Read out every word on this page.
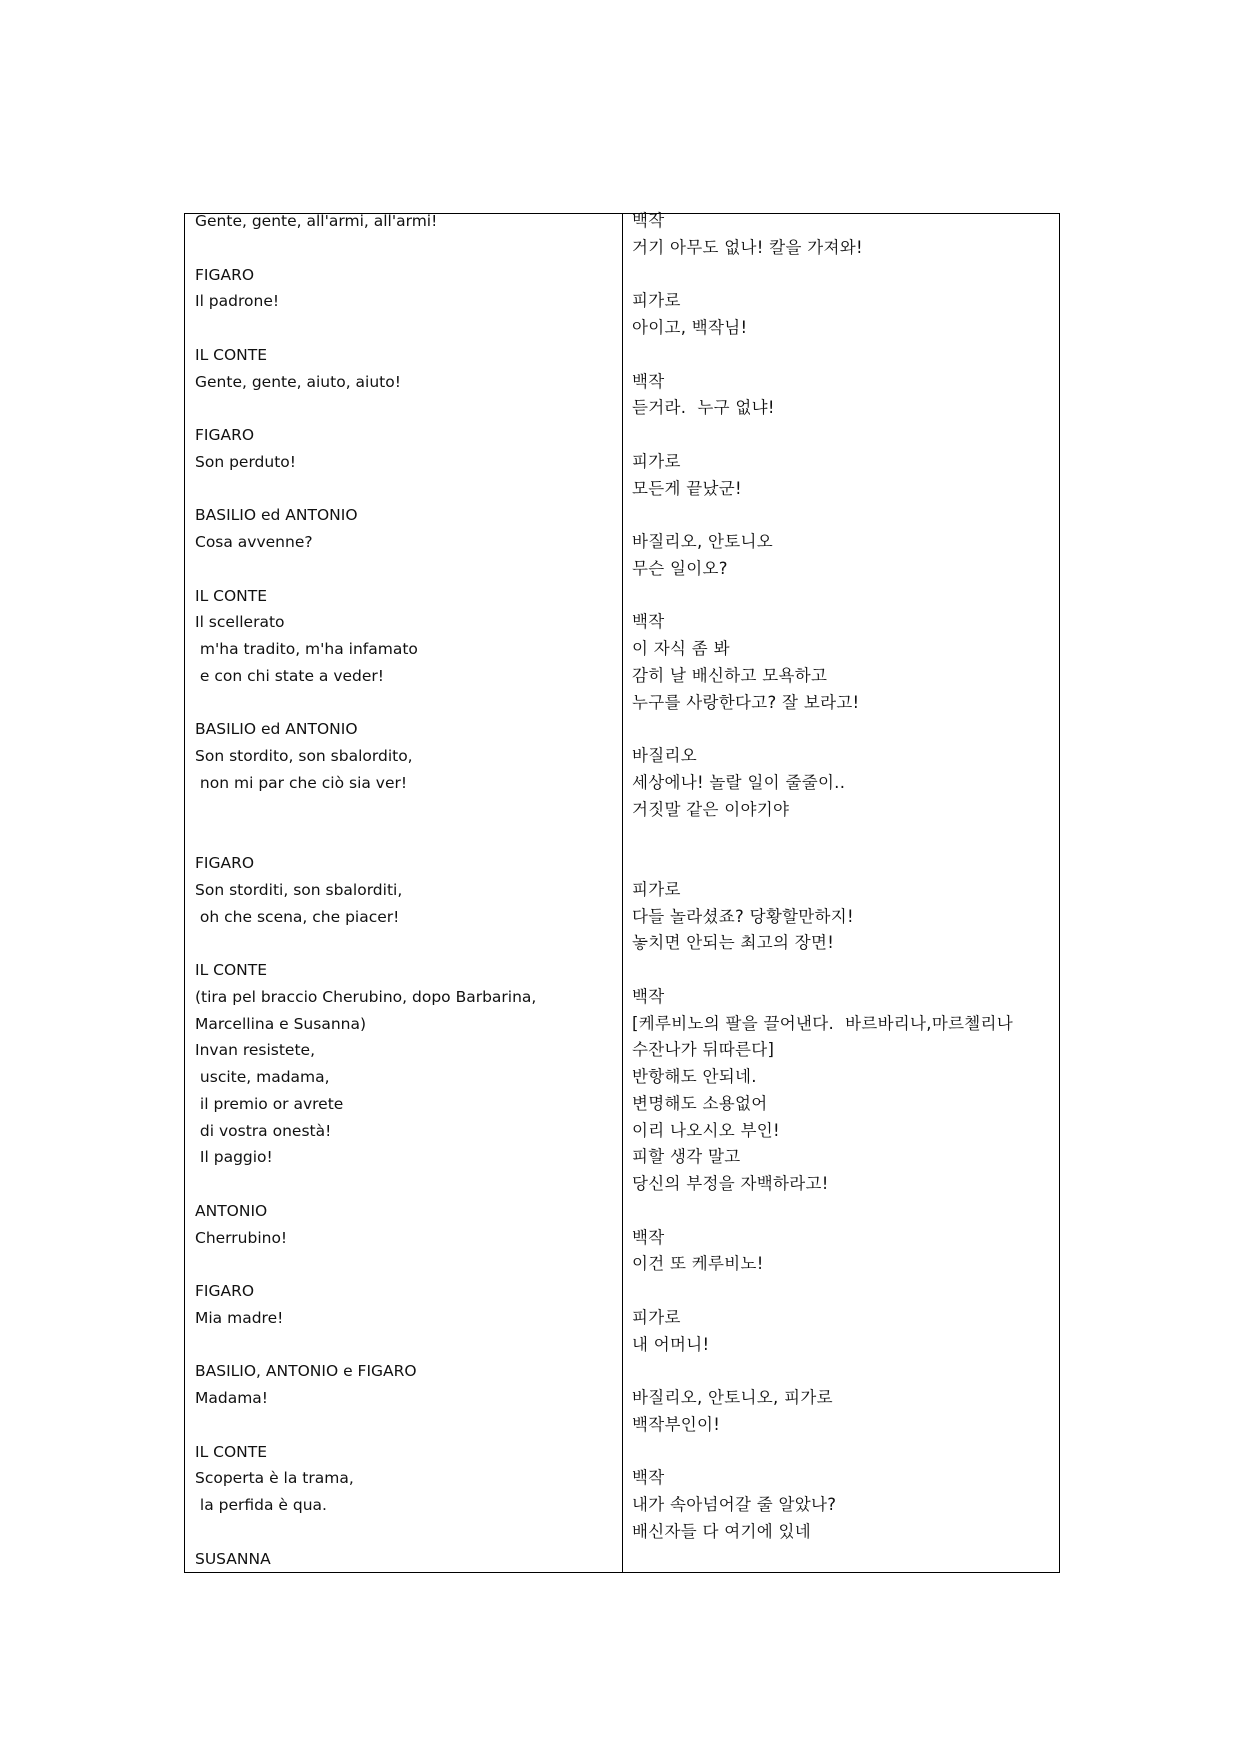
Gente, gente, all'armi, all'armi!
FIGARO
Il padrone!
IL CONTE
Gente, gente, aiuto, aiuto!
FIGARO
Son perduto!
BASILIO ed ANTONIO
Cosa avvenne?
IL CONTE
Il scellerato
m'ha tradito, m'ha infamato
e con chi state a veder!
BASILIO ed ANTONIO
Son stordito, son sbalordito,
non mi par che ciò sia ver!
FIGARO
Son storditi, son sbalorditi,
oh che scena, che piacer!
IL CONTE
(tira pel braccio Cherubino, dopo Barbarina,
Marcellina e Susanna)
Invan resistete,
uscite, madama,
il premio or avrete
di vostra onestà!
Il paggio!
ANTONIO
Cherrubino!
FIGARO
Mia madre!
BASILIO, ANTONIO e FIGARO
Madama!
IL CONTE
Scoperta è la trama,
la perfida è qua.
SUSANNA
백작
거기 아무도 없나! 칼을 가져와!
피가로
아이고, 백작님!
백작
듣거라.  누구 없냐!
피가로
모든게 끝났군!
바질리오, 안토니오
무슨 일이오?
백작
이 자식 좀 봐
감히 날 배신하고 모욕하고
누구를 사랑한다고? 잘 보라고!
바질리오
세상에나! 놀랄 일이 줄줄이..
거짓말 같은 이야기야
피가로
다들 놀라셨죠? 당황할만하지!
놓치면 안되는 최고의 장면!
백작
[케루비노의 팔을 끌어낸다.  바르바리나,마르첼리나
수잔나가 뒤따른다]
반항해도 안되네.
변명해도 소용없어
이리 나오시오 부인!
피할 생각 말고
당신의 부정을 자백하라고!
백작
이건 또 케루비노!
피가로
내 어머니!
바질리오, 안토니오, 피가로
백작부인이!
백작
내가 속아넘어갈 줄 알았나?
배신자들 다 여기에 있네
